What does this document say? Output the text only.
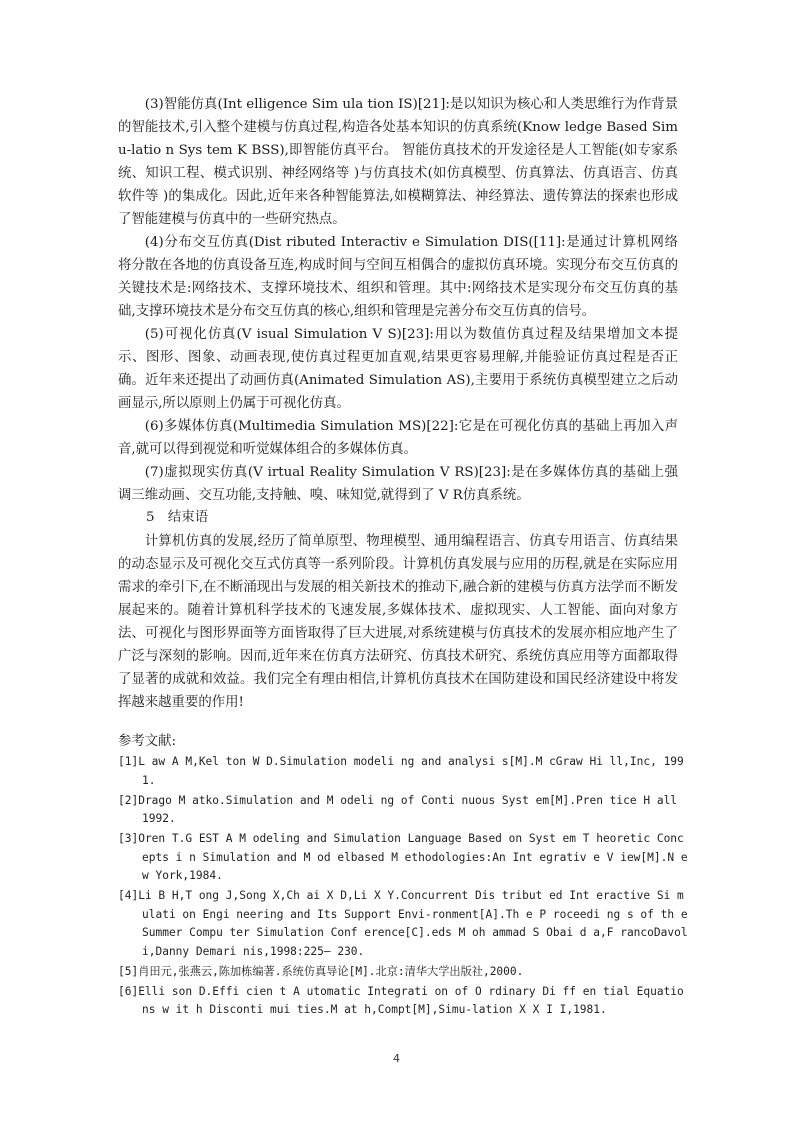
(3)智能仿真(Int elligence Sim ula tion IS)[21]:是以知识为核心和人类思维行为作背景的智能技术,引入整个建模与仿真过程,构造各处基本知识的仿真系统(Know ledge Based Simu-latio n Sys tem K BSS),即智能仿真平台。 智能仿真技术的开发途径是人工智能(如专家系统、知识工程、模式识别、神经网络等 )与仿真技术(如仿真模型、仿真算法、仿真语言、仿真软件等 )的集成化。因此,近年来各种智能算法,如模糊算法、神经算法、遗传算法的探索也形成了智能建模与仿真中的一些研究热点。

(4)分布交互仿真(Dist ributed Interactiv e Simulation DIS([11]:是通过计算机网络将分散在各地的仿真设备互连,构成时间与空间互相偶合的虚拟仿真环境。实现分布交互仿真的关键技术是:网络技术、支撑环境技术、组织和管理。其中:网络技术是实现分布交互仿真的基础,支撑环境技术是分布交互仿真的核心,组织和管理是完善分布交互仿真的信号。

(5)可视化仿真(V isual Simulation V S)[23]:用以为数值仿真过程及结果增加文本提示、图形、图象、动画表现,使仿真过程更加直观,结果更容易理解,并能验证仿真过程是否正确。近年来还提出了动画仿真(Animated Simulation AS),主要用于系统仿真模型建立之后动画显示,所以原则上仍属于可视化仿真。

(6)多媒体仿真(Multimedia Simulation MS)[22]:它是在可视化仿真的基础上再加入声音,就可以得到视觉和听觉媒体组合的多媒体仿真。

(7)虚拟现实仿真(V irtual Reality Simulation V RS)[23]:是在多媒体仿真的基础上强调三维动画、交互功能,支持触、嗅、味知觉,就得到了 V R仿真系统。

5　结束语

计算机仿真的发展,经历了简单原型、物理模型、通用编程语言、仿真专用语言、仿真结果的动态显示及可视化交互式仿真等一系列阶段。计算机仿真发展与应用的历程,就是在实际应用需求的牵引下,在不断涌现出与发展的相关新技术的推动下,融合新的建模与仿真方法学而不断发展起来的。随着计算机科学技术的飞速发展,多媒体技术、虚拟现实、人工智能、面向对象方法、可视化与图形界面等方面皆取得了巨大进展,对系统建模与仿真技术的发展亦相应地产生了广泛与深刻的影响。因而,近年来在仿真方法研究、仿真技术研究、系统仿真应用等方面都取得了显著的成就和效益。我们完全有理由相信,计算机仿真技术在国防建设和国民经济建设中将发挥越来越重要的作用!

参考文献:

[1]L aw A M,Kel ton W D.Simulation modeli ng and analysi s[M].M cGraw Hi ll,Inc, 1991.
[2]Drago M atko.Simulation and M odeli ng of Conti nuous Syst em[M].Pren tice H all 1992.
[3]Oren T.G EST A M odeling and Simulation Language Based on Syst em T heoretic Concepts i n Simulation and M od elbased M ethodologies:An Int egrativ e V iew[M].N ew York,1984.
[4]Li B H,T ong J,Song X,Ch ai X D,Li X Y.Concurrent Dis tribut ed Int eractive Si mulati on Engi neering and Its Support Envi-ronment[A].Th e P roceedi ng s of th e Summer Compu ter Simulation Conf erence[C].eds M oh ammad S Obai d a,F rancoDavoli,Danny Demari nis,1998:225— 230.
[5]肖田元,张燕云,陈加栋编著.系统仿真导论[M].北京:清华大学出版社,2000.
[6]Elli son D.Effi cien t A utomatic Integrati on of O rdinary Di ff en tial Equations w it h Disconti mui ties.M at h,Compt[M],Simu-lation X X I I,1981.
4
